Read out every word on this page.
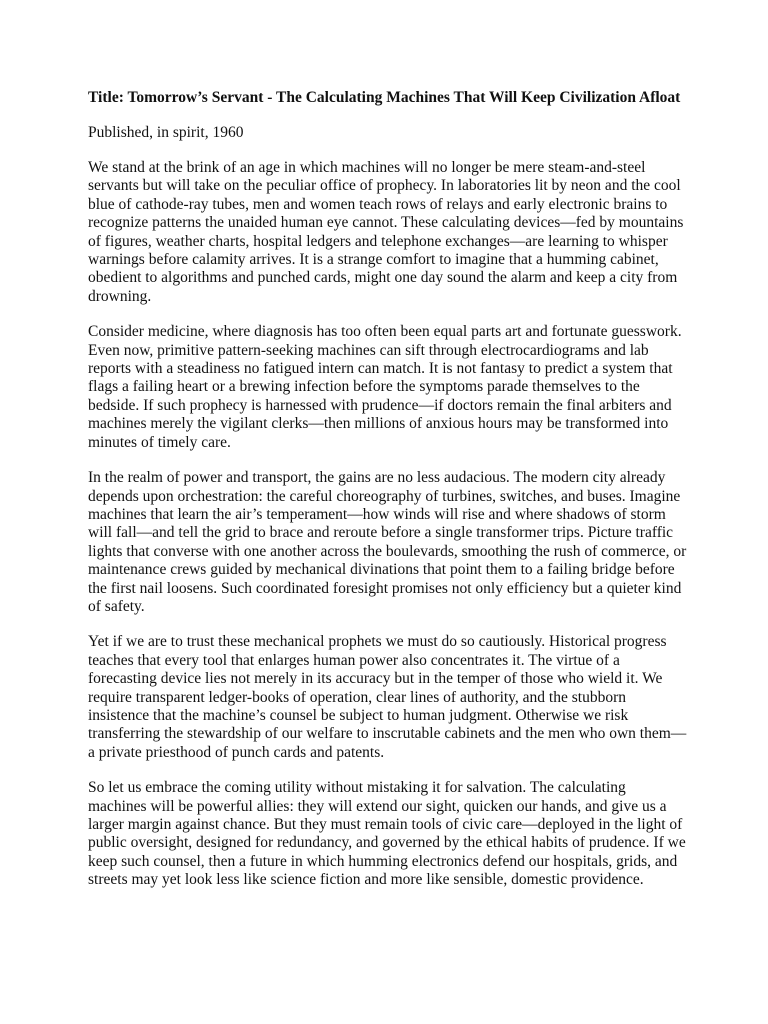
Title: Tomorrow’s Servant - The Calculating Machines That Will Keep Civilization Afloat
Published, in spirit, 1960

We stand at the brink of an age in which machines will no longer be mere steam-and-steel servants but will take on the peculiar office of prophecy. In laboratories lit by neon and the cool blue of cathode-ray tubes, men and women teach rows of relays and early electronic brains to recognize patterns the unaided human eye cannot. These calculating devices—fed by mountains of figures, weather charts, hospital ledgers and telephone exchanges—are learning to whisper warnings before calamity arrives. It is a strange comfort to imagine that a humming cabinet, obedient to algorithms and punched cards, might one day sound the alarm and keep a city from drowning.

Consider medicine, where diagnosis has too often been equal parts art and fortunate guesswork. Even now, primitive pattern-seeking machines can sift through electrocardiograms and lab reports with a steadiness no fatigued intern can match. It is not fantasy to predict a system that flags a failing heart or a brewing infection before the symptoms parade themselves to the bedside. If such prophecy is harnessed with prudence—if doctors remain the final arbiters and machines merely the vigilant clerks—then millions of anxious hours may be transformed into minutes of timely care.

In the realm of power and transport, the gains are no less audacious. The modern city already depends upon orchestration: the careful choreography of turbines, switches, and buses. Imagine machines that learn the air’s temperament—how winds will rise and where shadows of storm will fall—and tell the grid to brace and reroute before a single transformer trips. Picture traffic lights that converse with one another across the boulevards, smoothing the rush of commerce, or maintenance crews guided by mechanical divinations that point them to a failing bridge before the first nail loosens. Such coordinated foresight promises not only efficiency but a quieter kind of safety.

Yet if we are to trust these mechanical prophets we must do so cautiously. Historical progress teaches that every tool that enlarges human power also concentrates it. The virtue of a forecasting device lies not merely in its accuracy but in the temper of those who wield it. We require transparent ledger-books of operation, clear lines of authority, and the stubborn insistence that the machine’s counsel be subject to human judgment. Otherwise we risk transferring the stewardship of our welfare to inscrutable cabinets and the men who own them—a private priesthood of punch cards and patents.

So let us embrace the coming utility without mistaking it for salvation. The calculating machines will be powerful allies: they will extend our sight, quicken our hands, and give us a larger margin against chance. But they must remain tools of civic care—deployed in the light of public oversight, designed for redundancy, and governed by the ethical habits of prudence. If we keep such counsel, then a future in which humming electronics defend our hospitals, grids, and streets may yet look less like science fiction and more like sensible, domestic providence.
